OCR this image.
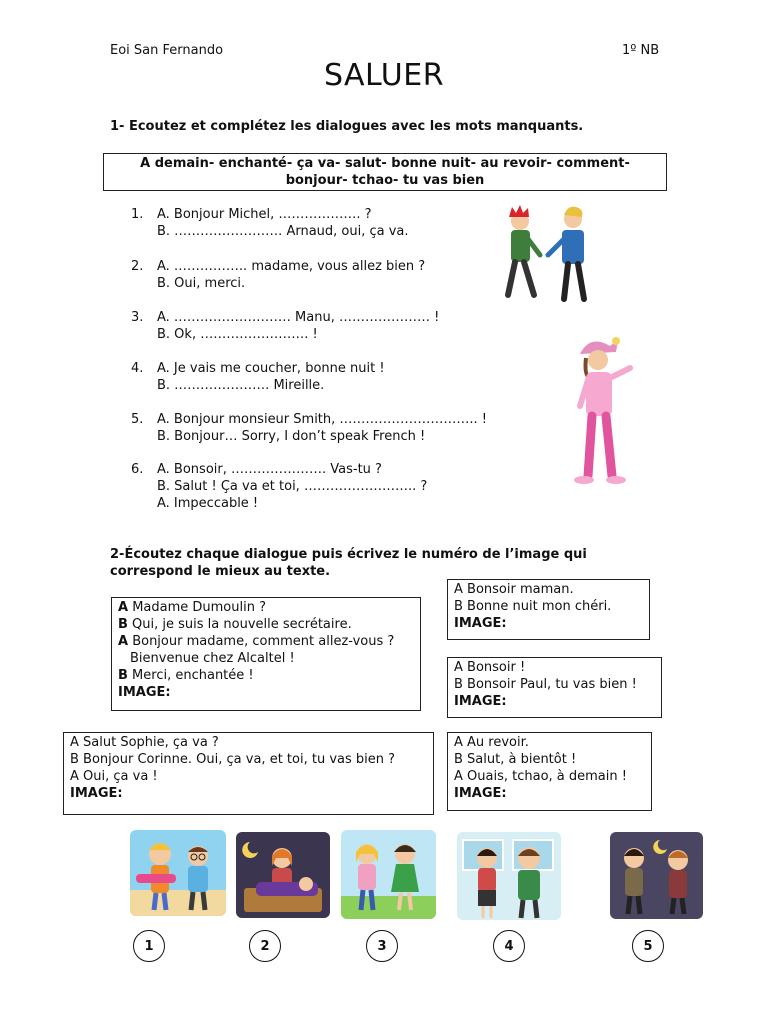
Eoi San Fernando	1º NB
SALUER
1- Ecoutez et complétez les dialogues avec les mots manquants.
A demain- enchanté- ça va- salut- bonne nuit- au revoir- comment-
bonjour- tchao- tu vas bien
1. A. Bonjour Michel, ………………. ?
B. ……………………. Arnaud, oui, ça va.
2. A. …………….. madame, vous allez bien ?
B. Oui, merci.
3. A. ……………………… Manu, ………………… !
B. Ok, ……………………. !
4. A. Je vais me coucher, bonne nuit !
B. …………………. Mireille.
5. A. Bonjour monsieur Smith, ………………………….. !
B. Bonjour… Sorry, I don’t speak French !
6. A. Bonsoir, …………………. Vas-tu ?
B. Salut ! Ça va et toi, …………………….. ?
A. Impeccable !
2-Écoutez chaque dialogue puis écrivez le numéro de l’image qui
correspond le mieux au texte.
A Madame Dumoulin ?
B Qui, je suis la nouvelle secrétaire.
A Bonjour madame, comment allez-vous ?
Bienvenue chez Alcaltel !
B Merci, enchantée !
IMAGE:
A Bonsoir maman.
B Bonne nuit mon chéri.
IMAGE:
A Bonsoir !
B Bonsoir Paul, tu vas bien !
IMAGE:
A Salut Sophie, ça va ?
B Bonjour Corinne. Oui, ça va, et toi, tu vas bien ?
A Oui, ça va !
IMAGE:
A Au revoir.
B Salut, à bientôt !
A Ouais, tchao, à demain !
IMAGE:
1	2	3	4	5
